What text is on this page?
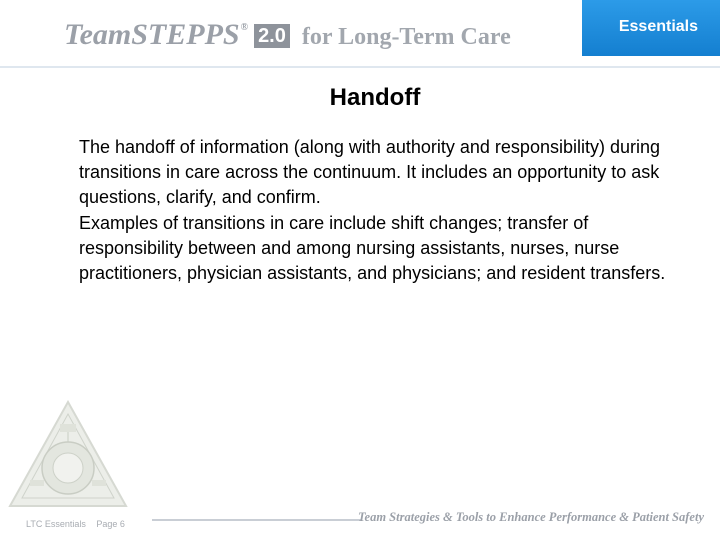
TeamSTEPPS ® 2.0 for Long-Term Care	Essentials
Handoff

The handoff of information (along with authority and responsibility) during transitions in care across the continuum. It includes an opportunity to ask questions, clarify, and confirm.

Examples of transitions in care include shift changes; transfer of responsibility between and among nursing assistants, nurses, nurse practitioners, physician assistants, and physicians; and resident transfers.

LTC Essentials Page 6	Team Strategies & Tools to Enhance Performance & Patient Safety
